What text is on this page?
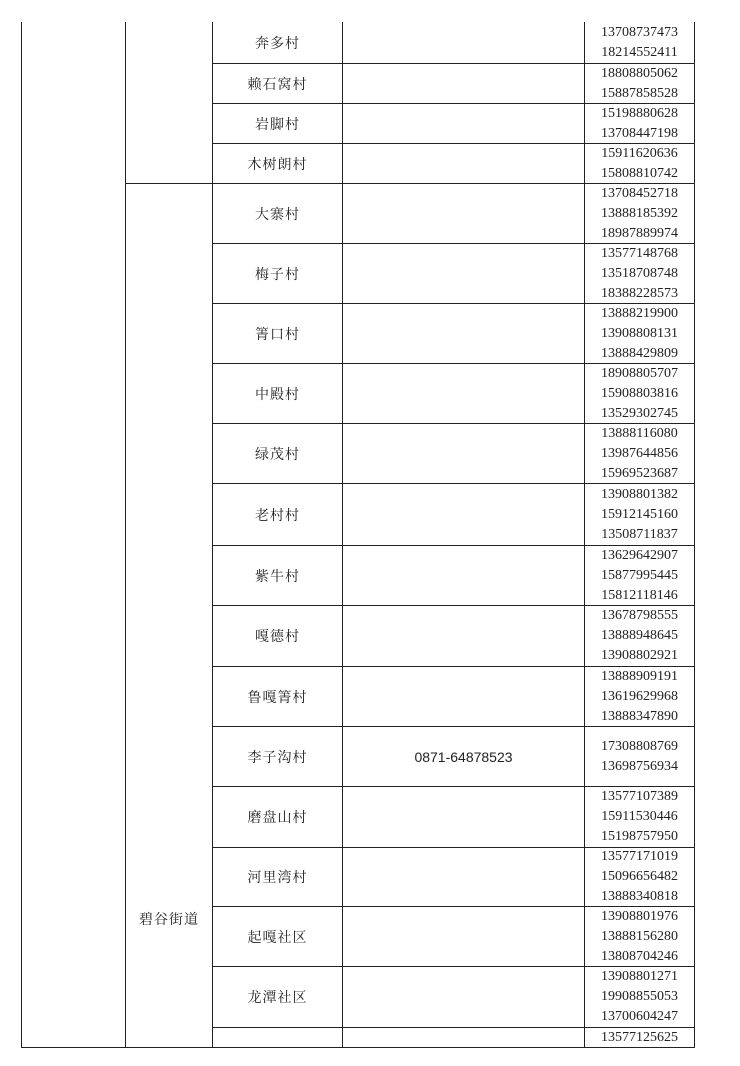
碧谷街道
奔多村
13708737473
18214552411
赖石窝村
18808805062
15887858528
岩脚村
15198880628
13708447198
木树朗村
15911620636
15808810742
大寨村
13708452718
13888185392
18987889974
梅子村
13577148768
13518708748
18388228573
箐口村
13888219900
13908808131
13888429809
中殿村
18908805707
15908803816
13529302745
绿茂村
13888116080
13987644856
15969523687
老村村
13908801382
15912145160
13508711837
紫牛村
13629642907
15877995445
15812118146
嘎德村
13678798555
13888948645
13908802921
鲁嘎箐村
13888909191
13619629968
13888347890
李子沟村	0871-64878523
17308808769
13698756934
磨盘山村
13577107389
15911530446
15198757950
河里湾村
13577171019
15096656482
13888340818
起嘎社区
13908801976
13888156280
13808704246
龙潭社区
13908801271
19908855053
13700604247
13577125625
